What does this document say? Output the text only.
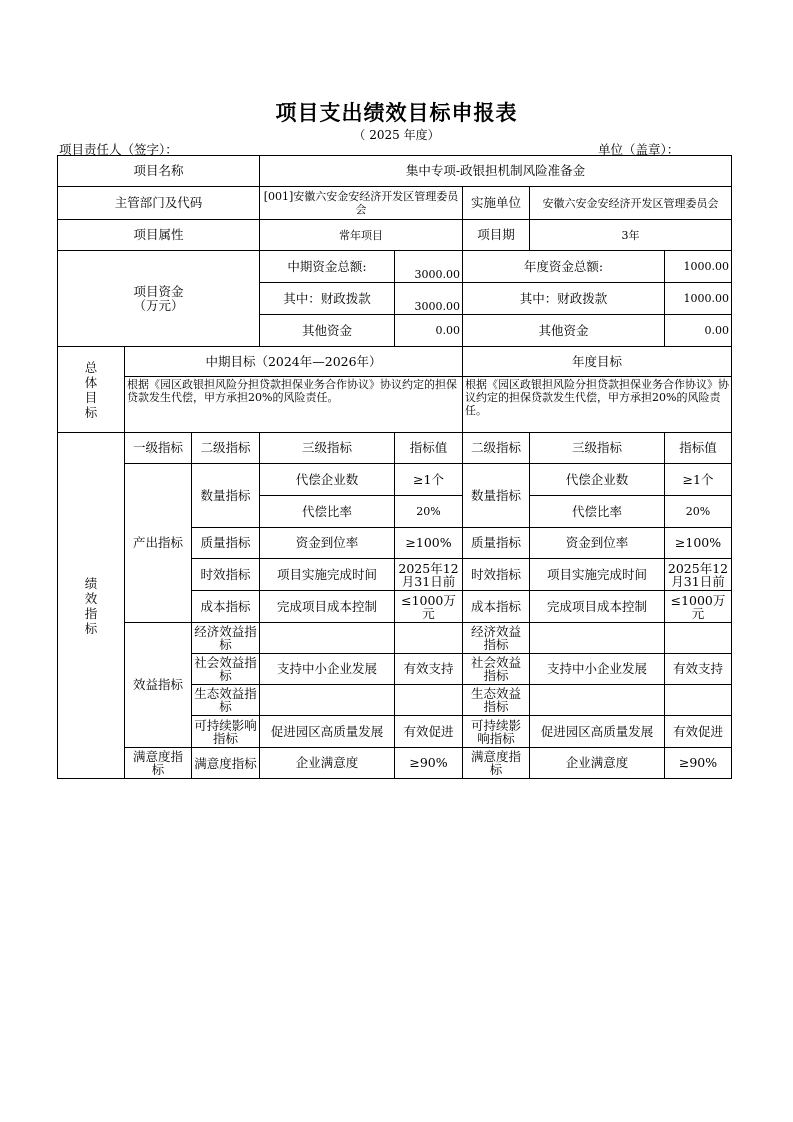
项目支出绩效目标申报表
（ 2025 年度）
项目责任人（签字）：	单位（盖章）：
项目名称			集中专项-政银担机制风险准备金				
主管部门及代码			[001]安徽六安金安经济开发区管理委员会		实施单位	安徽六安金安经济开发区管理委员会	
项目属性			常年项目		项目期	3年	
项目资金（万元）			中期资金总额:	3000.00	年度资金总额:		1000.00
			其中：财政拨款	3000.00	其中：财政拨款		1000.00
			其他资金	0.00	其他资金		0.00
总体目标	中期目标（2024年—2026年）				年度目标		
	根据《园区政银担风险分担贷款担保业务合作协议》协议约定的担保贷款发生代偿，甲方承担20%的风险责任。				根据《园区政银担风险分担贷款担保业务合作协议》协议约定的担保贷款发生代偿，甲方承担20%的风险责任。		
绩效指标	一级指标	二级指标	三级指标	指标值	二级指标	三级指标	指标值
	产出指标	数量指标	代偿企业数	≥1个	数量指标	代偿企业数	≥1个
			代偿比率	20%		代偿比率	20%
		质量指标	资金到位率	≥100%	质量指标	资金到位率	≥100%
		时效指标	项目实施完成时间	2025年12月31日前	时效指标	项目实施完成时间	2025年12月31日前
		成本指标	完成项目成本控制	≤1000万元	成本指标	完成项目成本控制	≤1000万元
	效益指标	经济效益指标			经济效益指标		
		社会效益指标	支持中小企业发展	有效支持	社会效益指标	支持中小企业发展	有效支持
		生态效益指标			生态效益指标		
		可持续影响指标	促进园区高质量发展	有效促进	可持续影响指标	促进园区高质量发展	有效促进
	满意度指标	满意度指标	企业满意度	≥90%	满意度指标	企业满意度	≥90%
